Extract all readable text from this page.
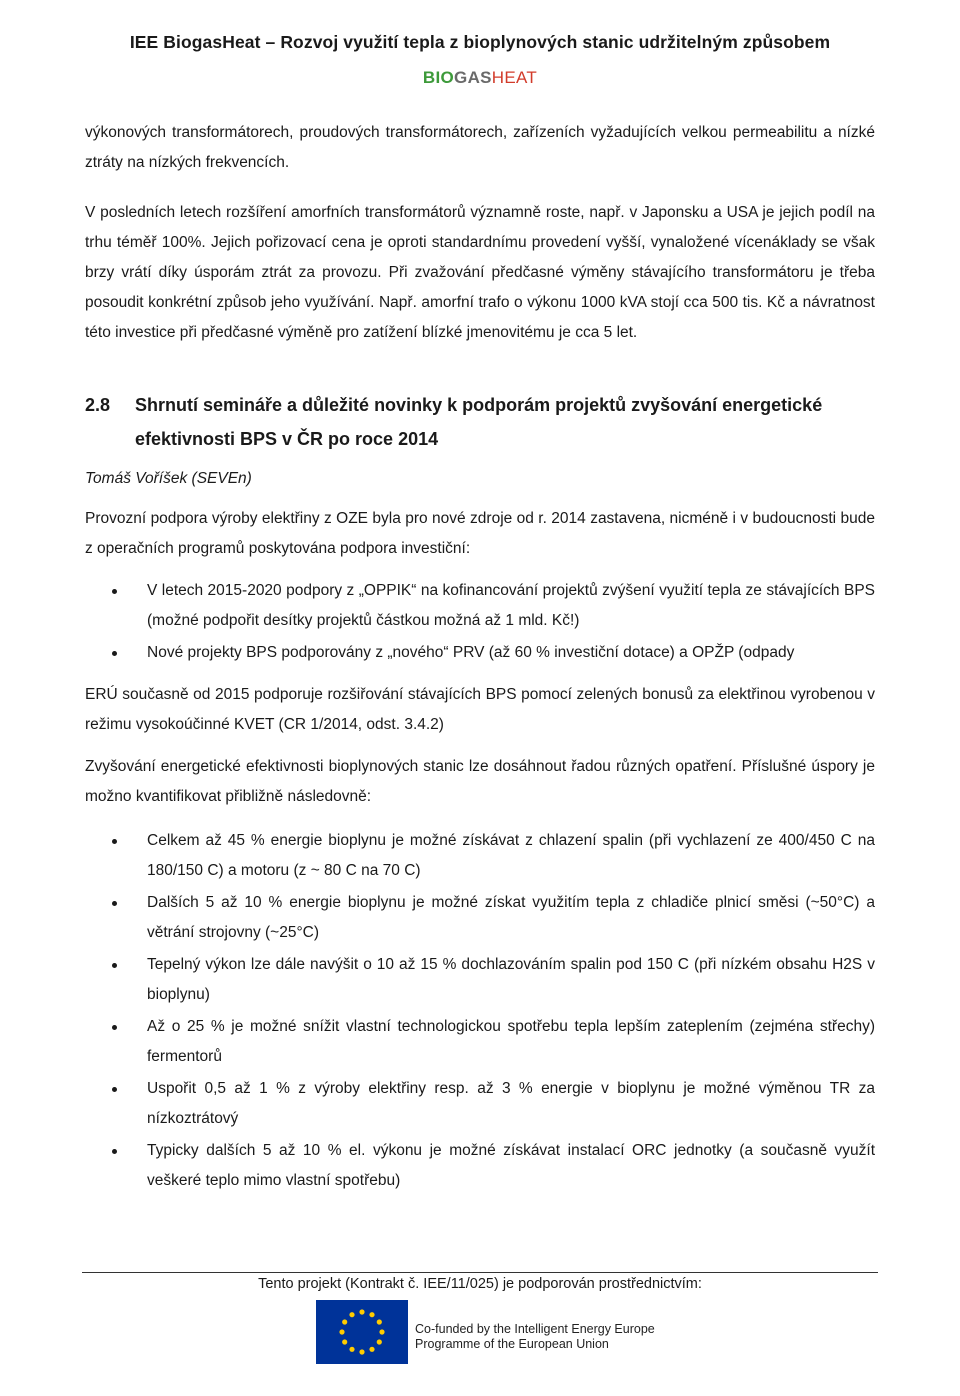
IEE BiogasHeat – Rozvoj využití tepla z bioplynových stanic udržitelným způsobem
BIOGASHEAT

výkonových transformátorech, proudových transformátorech, zařízeních vyžadujících velkou permeabilitu a nízké ztráty na nízkých frekvencích.

V posledních letech rozšíření amorfních transformátorů významně roste, např. v Japonsku a USA je jejich podíl na trhu téměř 100%. Jejich pořizovací cena je oproti standardnímu provedení vyšší, vynaložené vícenáklady se však brzy vrátí díky úsporám ztrát za provozu. Při zvažování předčasné výměny stávajícího transformátoru je třeba posoudit konkrétní způsob jeho využívání. Např. amorfní trafo o výkonu 1000 kVA stojí cca 500 tis. Kč a návratnost této investice při předčasné výměně pro zatížení blízké jmenovitému je cca 5 let.

2.8 Shrnutí semináře a důležité novinky k podporám projektů zvyšování energetické efektivnosti BPS v ČR po roce 2014

Tomáš Voříšek (SEVEn)

Provozní podpora výroby elektřiny z OZE byla pro nové zdroje od r. 2014 zastavena, nicméně i v budoucnosti bude z operačních programů poskytována podpora investiční:

V letech 2015-2020 podpory z „OPPIK“ na kofinancování projektů zvýšení využití tepla ze stávajících BPS (možné podpořit desítky projektů částkou možná až 1 mld. Kč!)
Nové projekty BPS podporovány z „nového“ PRV (až 60 % investiční dotace) a OPŽP (odpady

ERÚ současně od 2015 podporuje rozšiřování stávajících BPS pomocí zelených bonusů za elektřinou vyrobenou v režimu vysokoúčinné KVET (CR 1/2014, odst. 3.4.2)

Zvyšování energetické efektivnosti bioplynových stanic lze dosáhnout řadou různých opatření. Příslušné úspory je možno kvantifikovat přibližně následovně:

Celkem až 45 % energie bioplynu je možné získávat z chlazení spalin (při vychlazení ze 400/450 C na 180/150 C) a motoru (z ~ 80 C na 70 C)
Dalších 5 až 10 % energie bioplynu je možné získat využitím tepla z chladiče plnicí směsi (~50°C) a větrání strojovny (~25°C)
Tepelný výkon lze dále navýšit o 10 až 15 % dochlazováním spalin pod 150 C (při nízkém obsahu H2S v bioplynu)
Až o 25 % je možné snížit vlastní technologickou spotřebu tepla lepším zateplením (zejména střechy) fermentorů
Uspořit 0,5 až 1 % z výroby elektřiny resp. až 3 % energie v bioplynu je možné výměnou TR za nízkoztrátový
Typicky dalších 5 až 10 % el. výkonu je možné získávat instalací ORC jednotky (a současně využít veškeré teplo mimo vlastní spotřebu)
Tento projekt (Kontrakt č. IEE/11/025) je podporován prostřednictvím:
Co-funded by the Intelligent Energy Europe
Programme of the European Union
